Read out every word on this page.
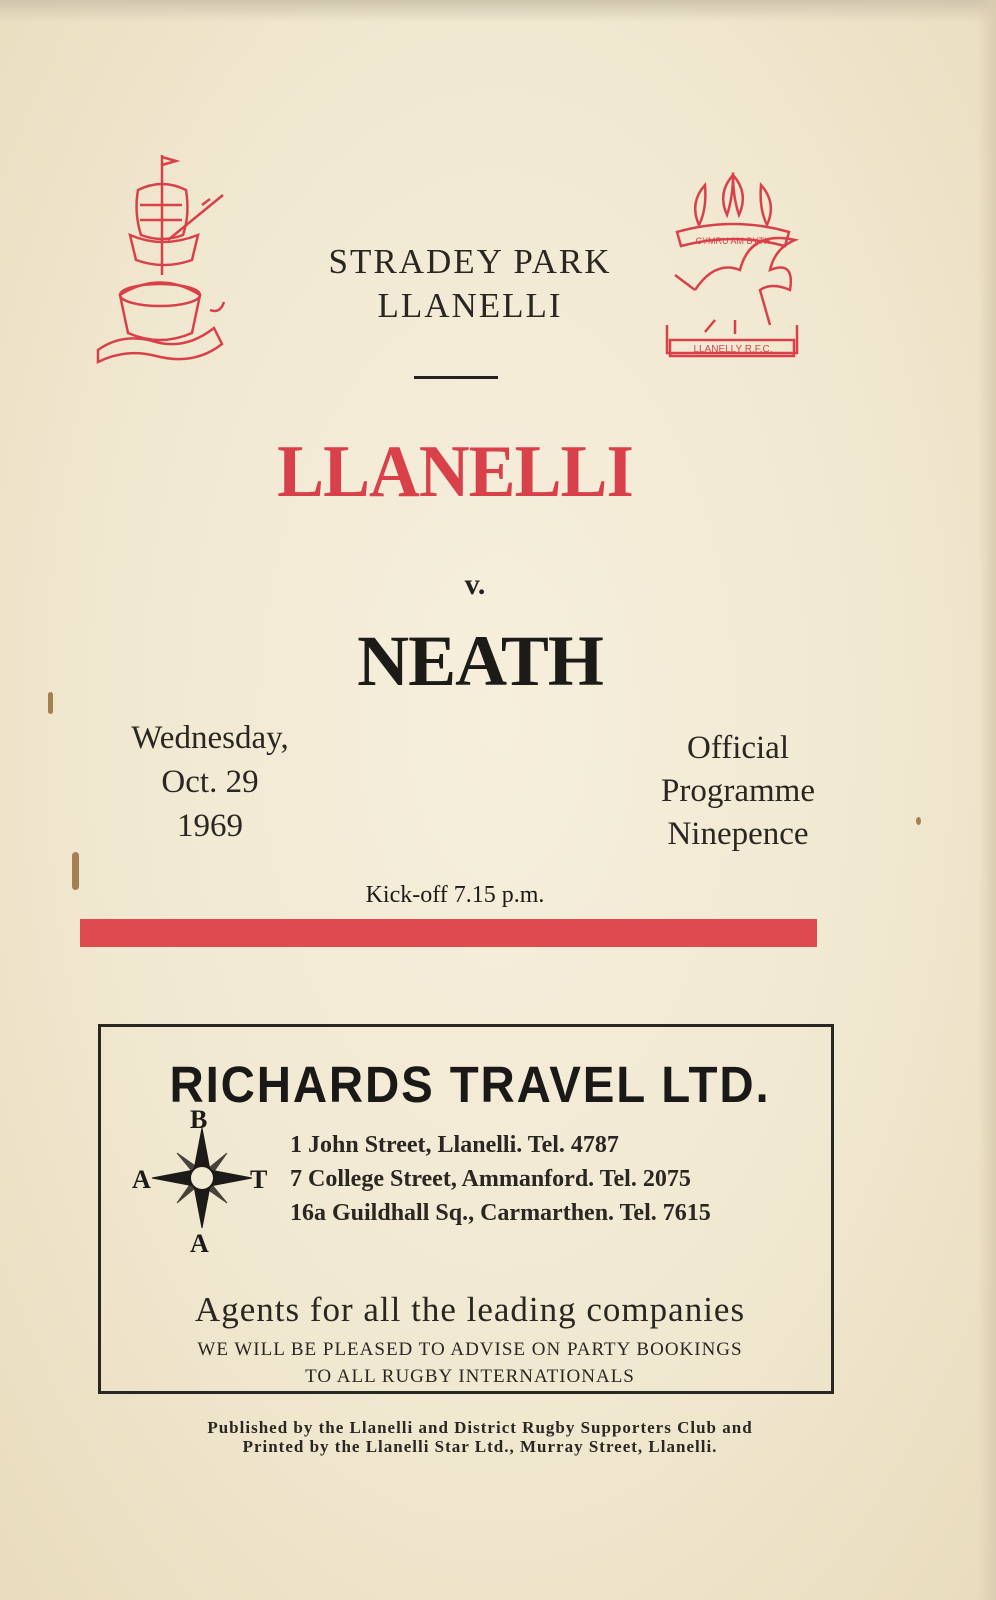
CYMRU AM BYTH
LLANELLY R.F.C.
STRADEY PARK
LLANELLI
LLANELLI
v.
NEATH
Wednesday,
Oct. 29
1969
Official
Programme
Ninepence
Kick-off 7.15 p.m.
RICHARDS TRAVEL LTD.
B
A	T
A
1 John Street, Llanelli. Tel. 4787
7 College Street, Ammanford. Tel. 2075
16a Guildhall Sq., Carmarthen. Tel. 7615
Agents for all the leading companies
WE WILL BE PLEASED TO ADVISE ON PARTY BOOKINGS
TO ALL RUGBY INTERNATIONALS
Published by the Llanelli and District Rugby Supporters Club and
Printed by the Llanelli Star Ltd., Murray Street, Llanelli.
